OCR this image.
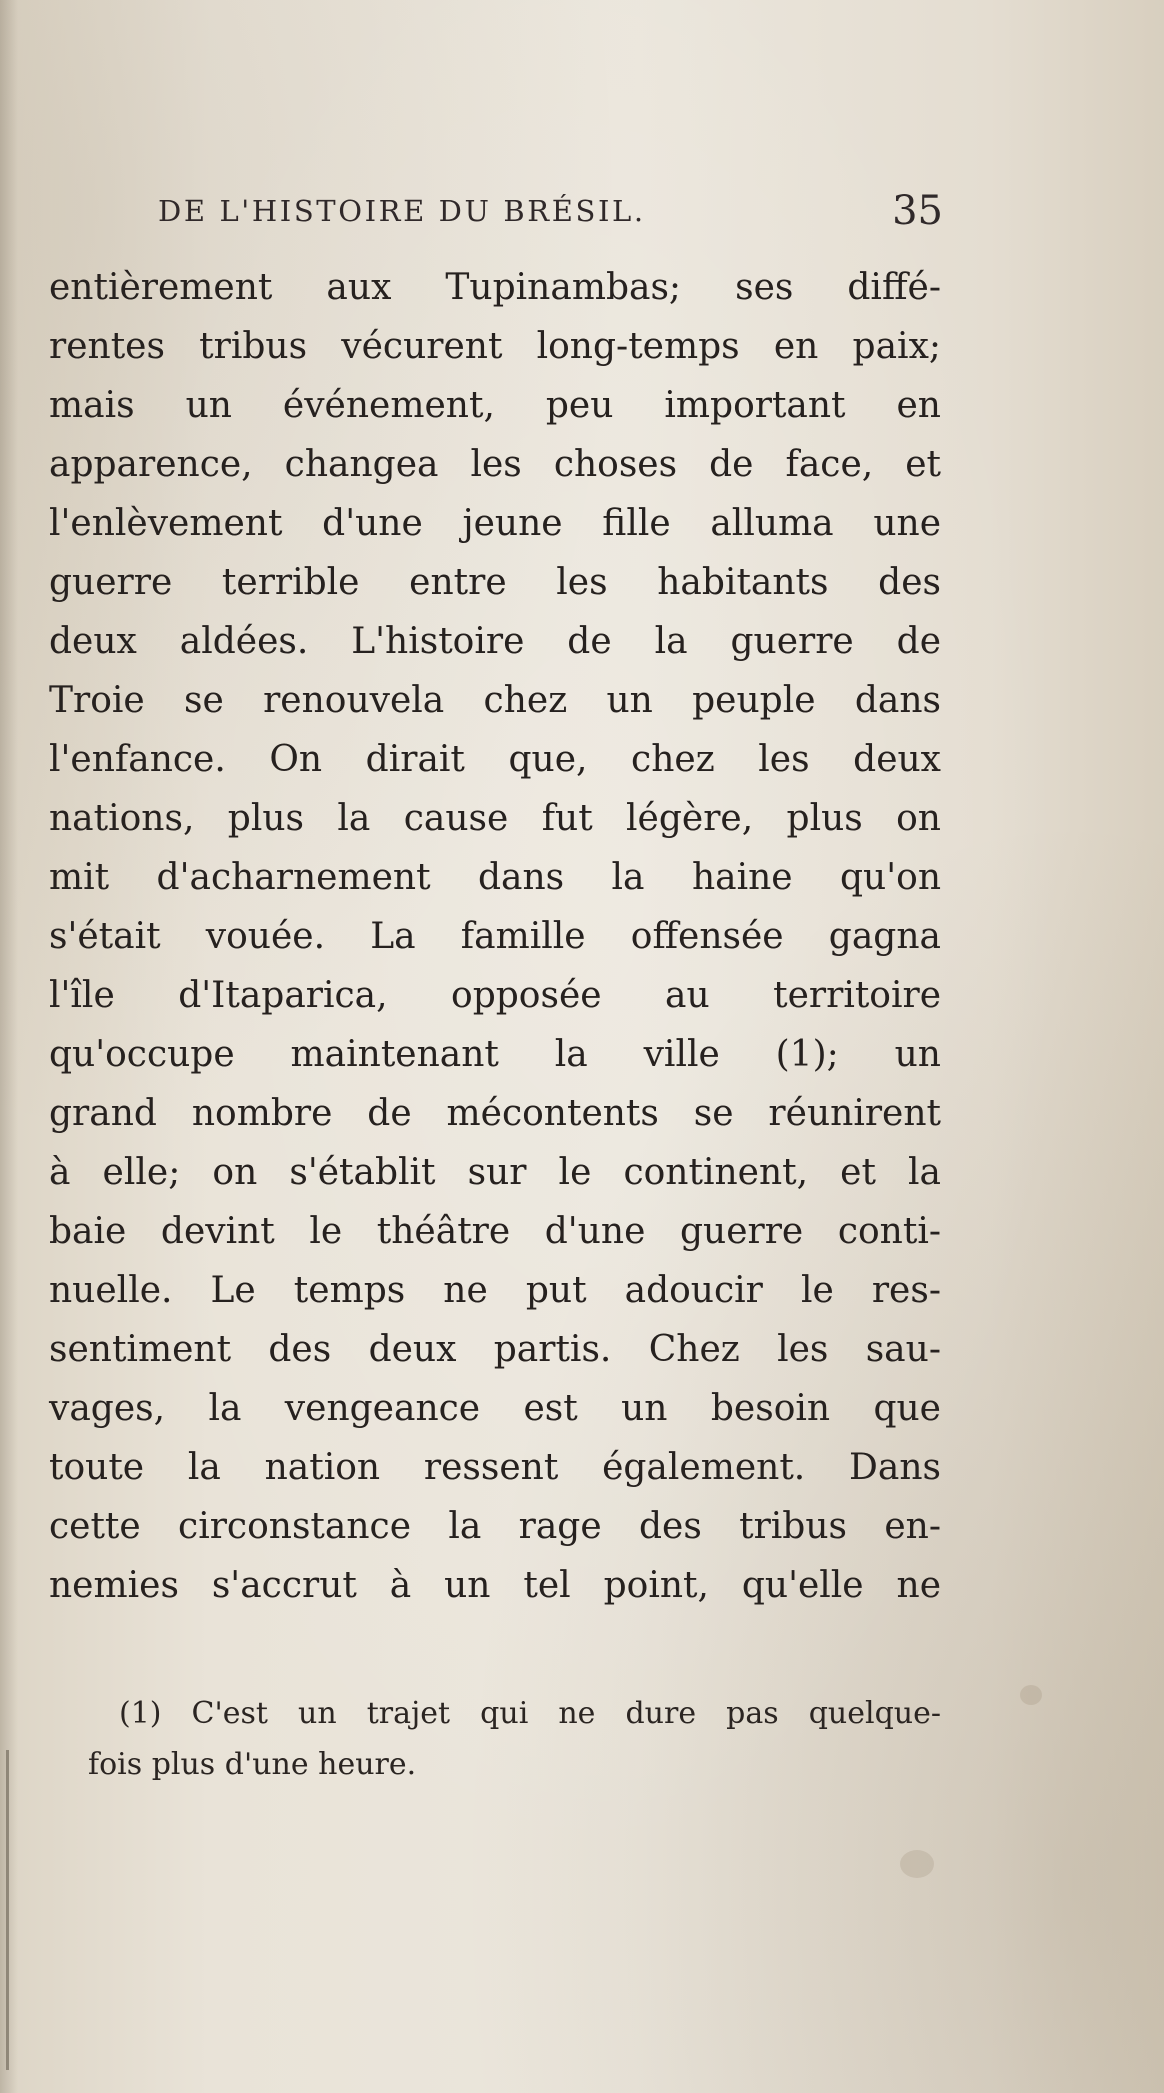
DE L'HISTOIRE DU BRÉSIL.	35
entièrement aux Tupinambas; ses diffé-
rentes tribus vécurent long-temps en paix;
mais un événement, peu important en
apparence, changea les choses de face, et
l'enlèvement d'une jeune fille alluma une
guerre terrible entre les habitants des
deux aldées. L'histoire de la guerre de
Troie se renouvela chez un peuple dans
l'enfance. On dirait que, chez les deux
nations, plus la cause fut légère, plus on
mit d'acharnement dans la haine qu'on
s'était vouée. La famille offensée gagna
l'île d'Itaparica, opposée au territoire
qu'occupe maintenant la ville (1); un
grand nombre de mécontents se réunirent
à elle; on s'établit sur le continent, et la
baie devint le théâtre d'une guerre conti-
nuelle. Le temps ne put adoucir le res-
sentiment des deux partis. Chez les sau-
vages, la vengeance est un besoin que
toute la nation ressent également. Dans
cette circonstance la rage des tribus en-
nemies s'accrut à un tel point, qu'elle ne
(1) C'est un trajet qui ne dure pas quelque-
fois plus d'une heure.
